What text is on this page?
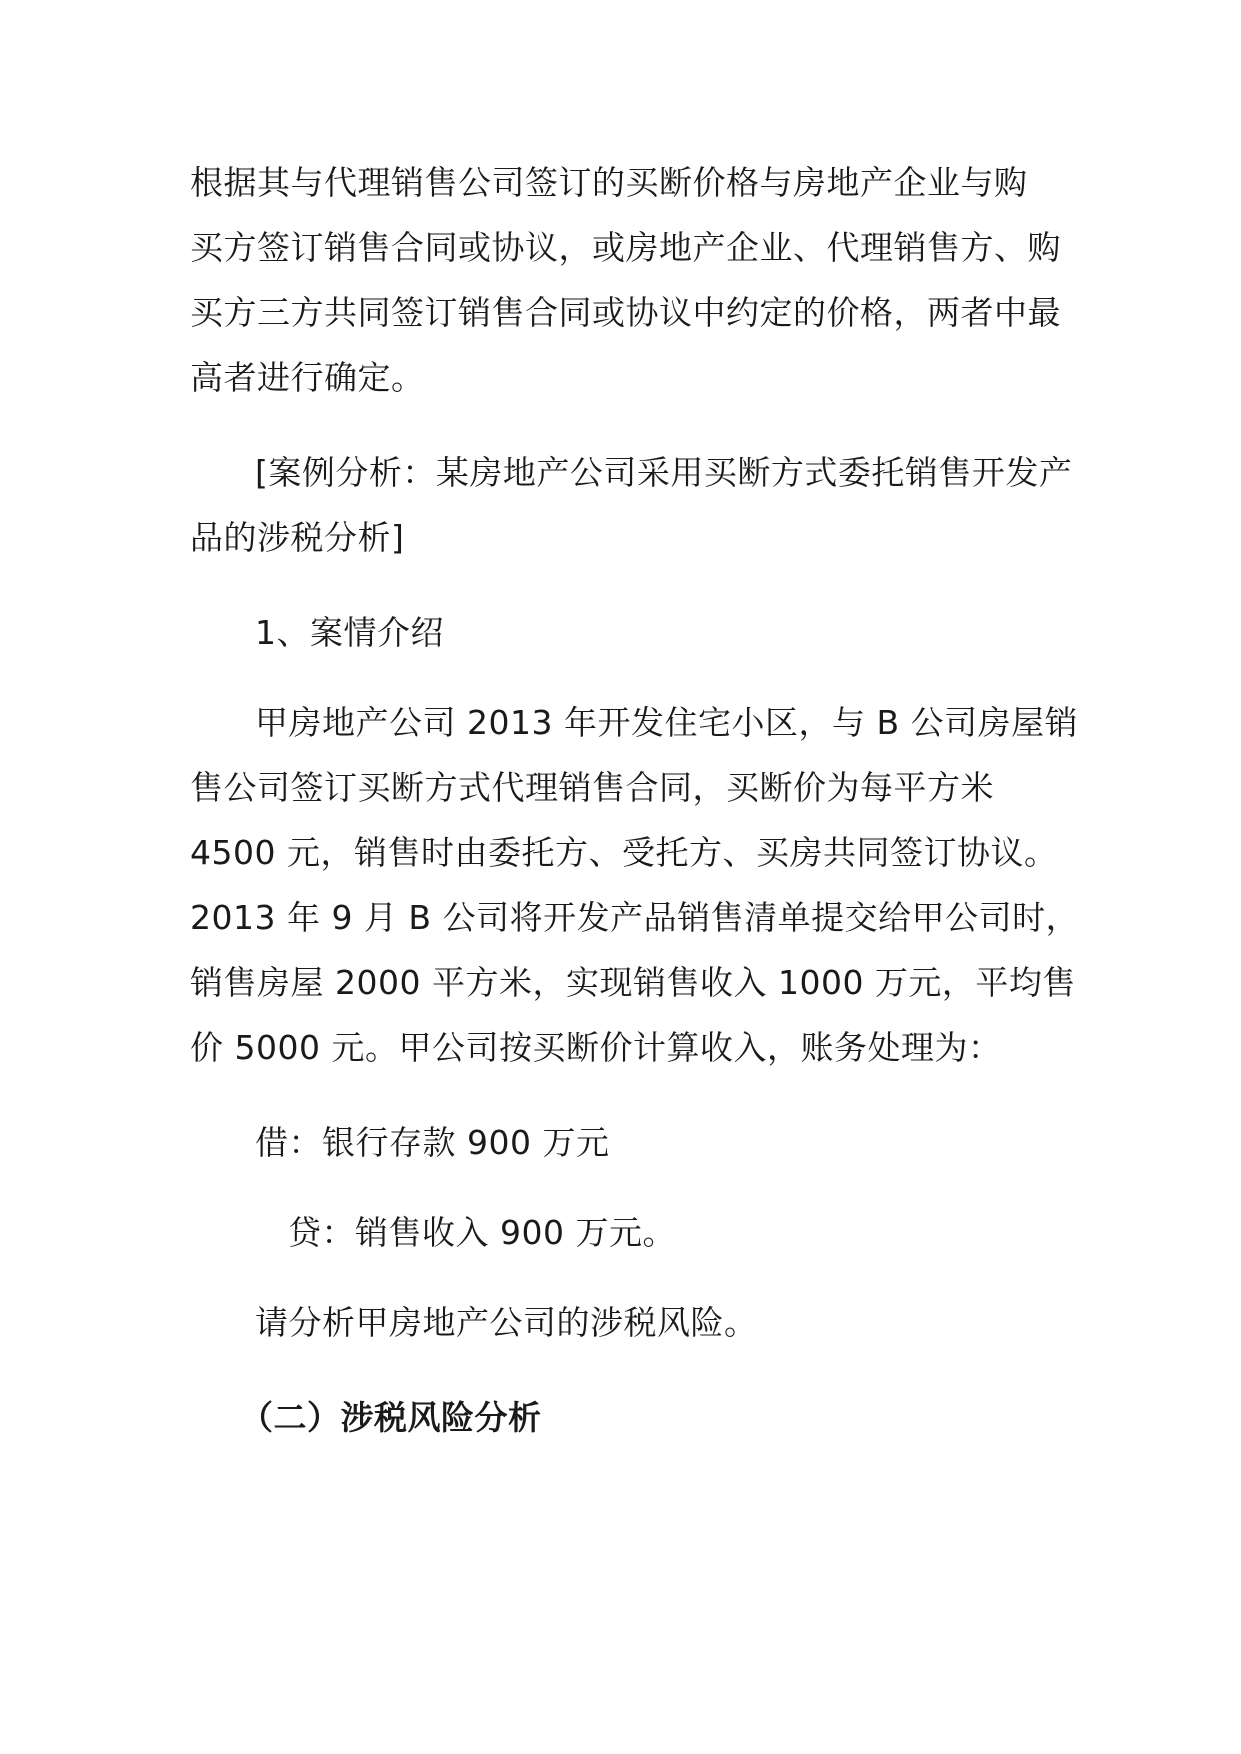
根据其与代理销售公司签订的买断价格与房地产企业与购
买方签订销售合同或协议，或房地产企业、代理销售方、购
买方三方共同签订销售合同或协议中约定的价格，两者中最
高者进行确定。

[案例分析：某房地产公司采用买断方式委托销售开发产
品的涉税分析]

1、案情介绍

甲房地产公司 2013 年开发住宅小区，与 B 公司房屋销
售公司签订买断方式代理销售合同，买断价为每平方米
4500 元，销售时由委托方、受托方、买房共同签订协议。
2013 年 9 月 B 公司将开发产品销售清单提交给甲公司时，
销售房屋 2000 平方米，实现销售收入 1000 万元，平均售
价 5000 元。甲公司按买断价计算收入，账务处理为：

借：银行存款 900 万元

贷：销售收入 900 万元。

请分析甲房地产公司的涉税风险。

（二）涉税风险分析
